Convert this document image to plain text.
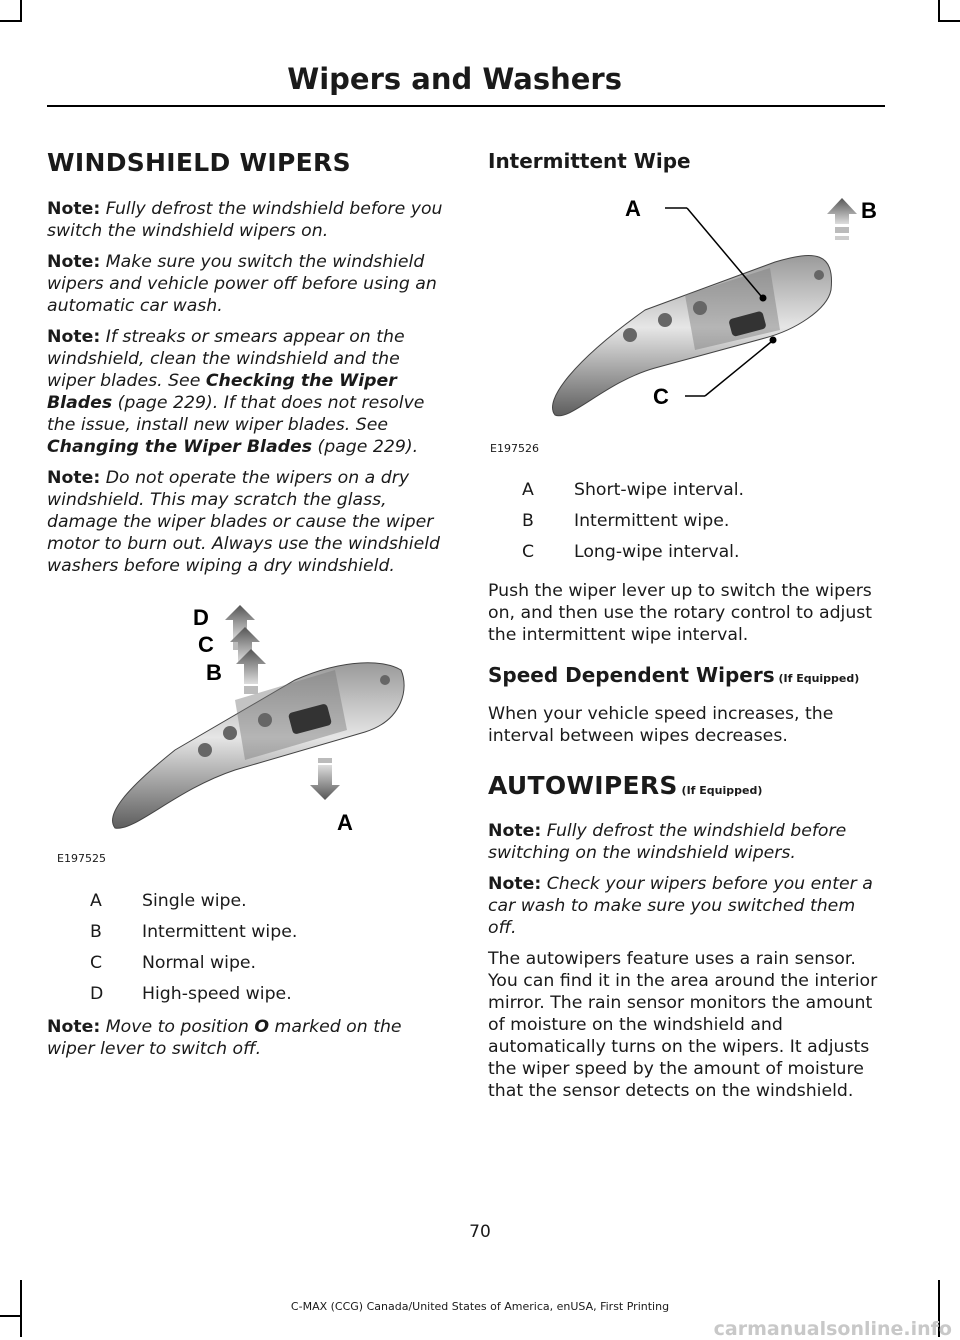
Wipers and Washers
WINDSHIELD WIPERS

Note: Fully defrost the windshield before you switch the windshield wipers on.

Note: Make sure you switch the windshield wipers and vehicle power off before using an automatic car wash.

Note: If streaks or smears appear on the windshield, clean the windshield and the wiper blades. See Checking the Wiper Blades (page 229). If that does not resolve the issue, install new wiper blades. See Changing the Wiper Blades (page 229).

Note: Do not operate the wipers on a dry windshield. This may scratch the glass, damage the wiper blades or cause the wiper motor to burn out. Always use the windshield washers before wiping a dry windshield.

D
C
B
A
E197525
A Single wipe.
B Intermittent wipe.
C Normal wipe.
D High-speed wipe.

Note: Move to position O marked on the wiper lever to switch off.

Intermittent Wipe
A	B
C
E197526
A Short-wipe interval.
B Intermittent wipe.
C Long-wipe interval.

Push the wiper lever up to switch the wipers on, and then use the rotary control to adjust the intermittent wipe interval.

Speed Dependent Wipers (If Equipped)

When your vehicle speed increases, the interval between wipes decreases.

AUTOWIPERS (If Equipped)

Note: Fully defrost the windshield before switching on the windshield wipers.

Note: Check your wipers before you enter a car wash to make sure you switched them off.

The autowipers feature uses a rain sensor. You can find it in the area around the interior mirror. The rain sensor monitors the amount of moisture on the windshield and automatically turns on the wipers. It adjusts the wiper speed by the amount of moisture that the sensor detects on the windshield.

70
C-MAX (CCG) Canada/United States of America, enUSA, First Printing
carmanualsonline.info
